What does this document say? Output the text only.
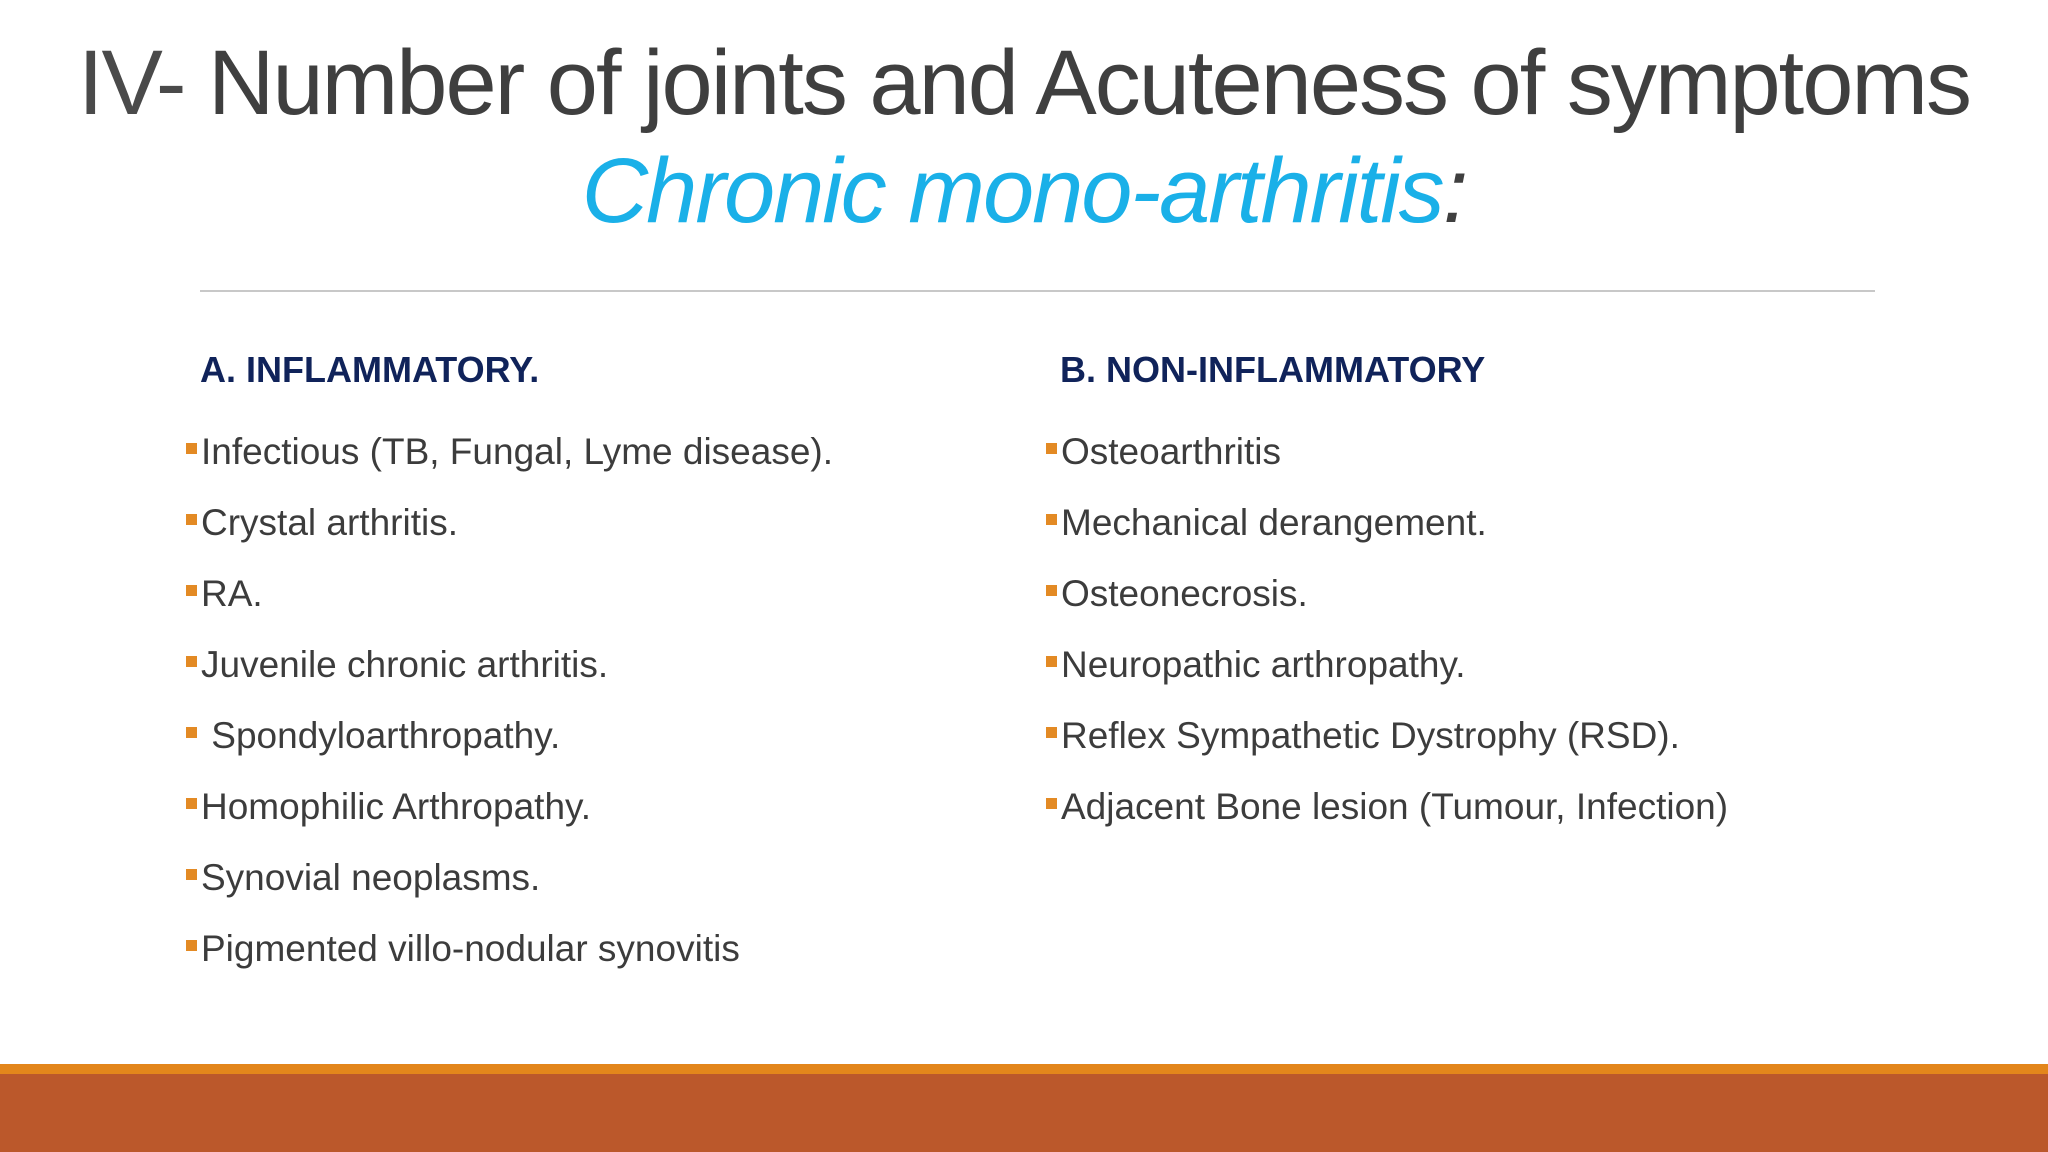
IV- Number of joints and Acuteness of symptoms
Chronic mono-arthritis:
A. INFLAMMATORY.
Infectious (TB, Fungal, Lyme disease).
Crystal arthritis.
RA.
Juvenile chronic arthritis.
Spondyloarthropathy.
Homophilic Arthropathy.
Synovial neoplasms.
Pigmented villo-nodular synovitis
B. NON-INFLAMMATORY
Osteoarthritis
Mechanical derangement.
Osteonecrosis.
Neuropathic arthropathy.
Reflex Sympathetic Dystrophy (RSD).
Adjacent Bone lesion (Tumour, Infection)
